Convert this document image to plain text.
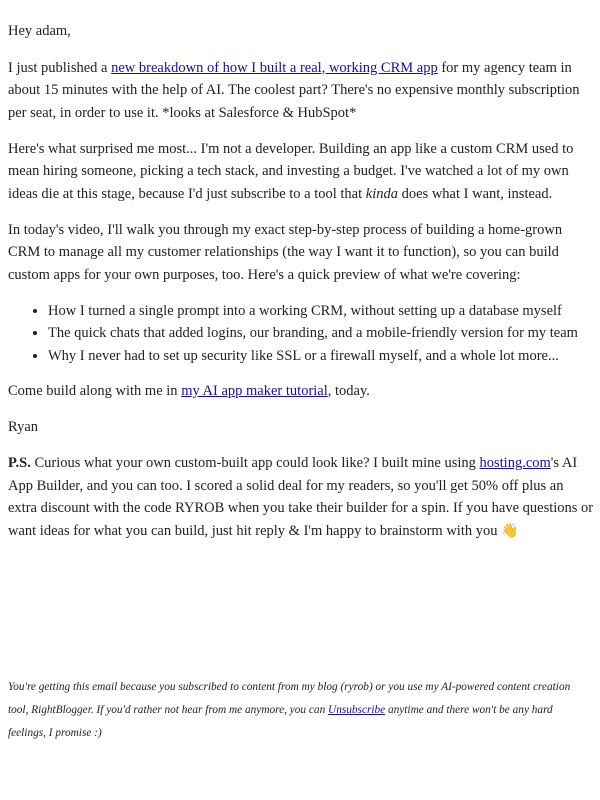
Hey adam,

I just published a new breakdown of how I built a real, working CRM app for my agency team in about 15 minutes with the help of AI. The coolest part? There's no expensive monthly subscription per seat, in order to use it. *looks at Salesforce & HubSpot*

Here's what surprised me most... I'm not a developer. Building an app like a custom CRM used to mean hiring someone, picking a tech stack, and investing a budget. I've watched a lot of my own ideas die at this stage, because I'd just subscribe to a tool that kinda does what I want, instead.

In today's video, I'll walk you through my exact step-by-step process of building a home-grown CRM to manage all my customer relationships (the way I want it to function), so you can build custom apps for your own purposes, too. Here's a quick preview of what we're covering:

• How I turned a single prompt into a working CRM, without setting up a database myself
• The quick chats that added logins, our branding, and a mobile-friendly version for my team
• Why I never had to set up security like SSL or a firewall myself, and a whole lot more...

Come build along with me in my AI app maker tutorial, today.

Ryan

P.S. Curious what your own custom-built app could look like? I built mine using hosting.com's AI App Builder, and you can too. I scored a solid deal for my readers, so you'll get 50% off plus an extra discount with the code RYROB when you take their builder for a spin. If you have questions or want ideas for what you can build, just hit reply & I'm happy to brainstorm with you 👋

You're getting this email because you subscribed to content from my blog (ryrob) or you use my AI-powered content creation tool, RightBlogger. If you'd rather not hear from me anymore, you can Unsubscribe anytime and there won't be any hard feelings, I promise :)
